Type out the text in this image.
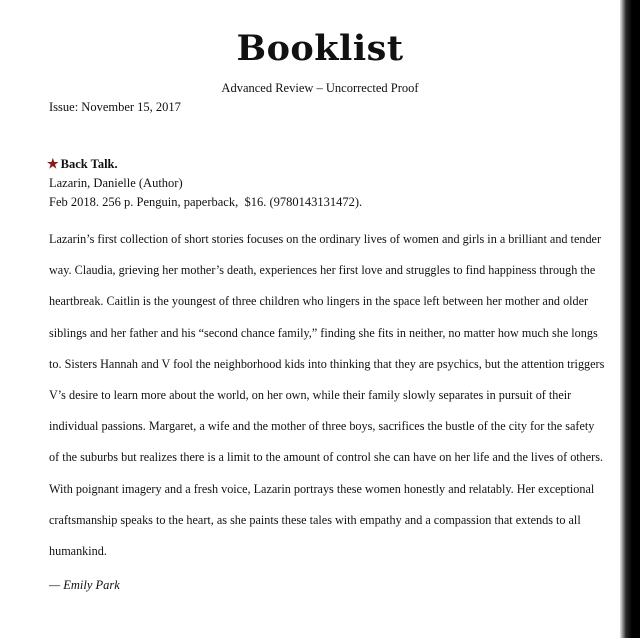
Booklist
Advanced Review – Uncorrected Proof
Issue: November 15, 2017
★ Back Talk.
Lazarin, Danielle (Author)
Feb 2018. 256 p. Penguin, paperback,  $16. (9780143131472).

Lazarin’s first collection of short stories focuses on the ordinary lives of women and girls in a brilliant and tender way. Claudia, grieving her mother’s death, experiences her first love and struggles to find happiness through the heartbreak. Caitlin is the youngest of three children who lingers in the space left between her mother and older siblings and her father and his “second chance family,” finding she fits in neither, no matter how much she longs to. Sisters Hannah and V fool the neighborhood kids into thinking that they are psychics, but the attention triggers V’s desire to learn more about the world, on her own, while their family slowly separates in pursuit of their individual passions. Margaret, a wife and the mother of three boys, sacrifices the bustle of the city for the safety of the suburbs but realizes there is a limit to the amount of control she can have on her life and the lives of others. With poignant imagery and a fresh voice, Lazarin portrays these women honestly and relatably. Her exceptional craftsmanship speaks to the heart, as she paints these tales with empathy and a compassion that extends to all humankind.

— Emily Park
